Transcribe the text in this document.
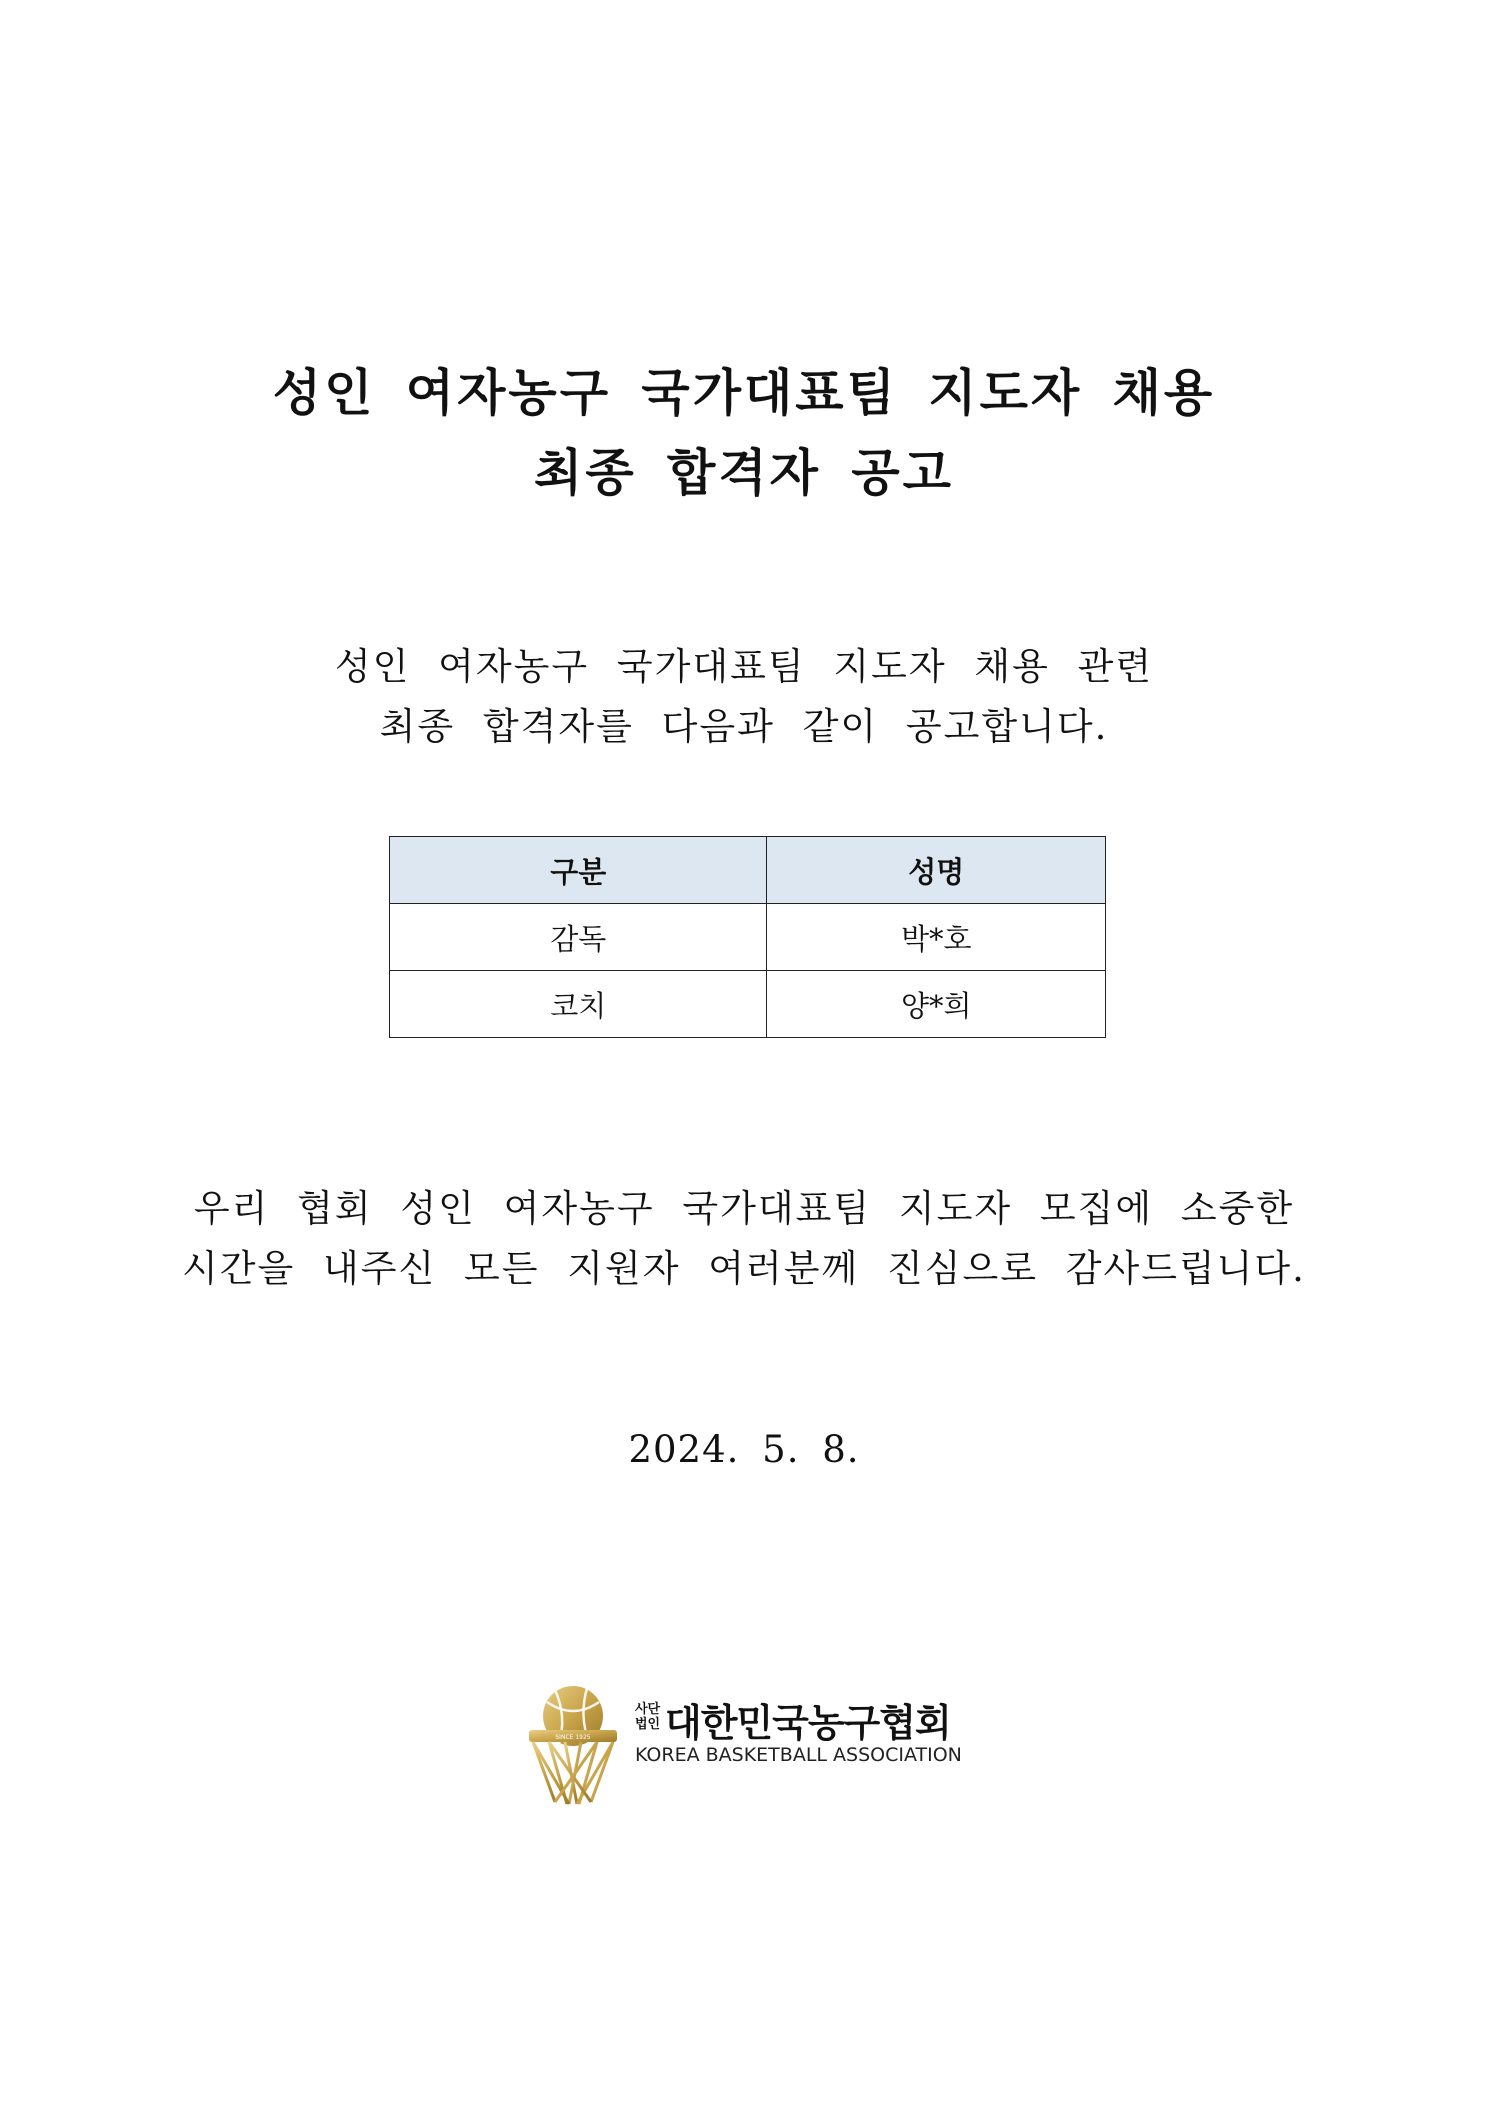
성인 여자농구 국가대표팀 지도자 채용
최종 합격자 공고
성인 여자농구 국가대표팀 지도자 채용 관련
최종 합격자를 다음과 같이 공고합니다.
구분	성명
감독	박*호
코치	양*희
우리 협회 성인 여자농구 국가대표팀 지도자 모집에 소중한
시간을 내주신 모든 지원자 여러분께 진심으로 감사드립니다.
2024. 5. 8.
SINCE 1925
사단
법인 대한민국농구협회
KOREA BASKETBALL ASSOCIATION
